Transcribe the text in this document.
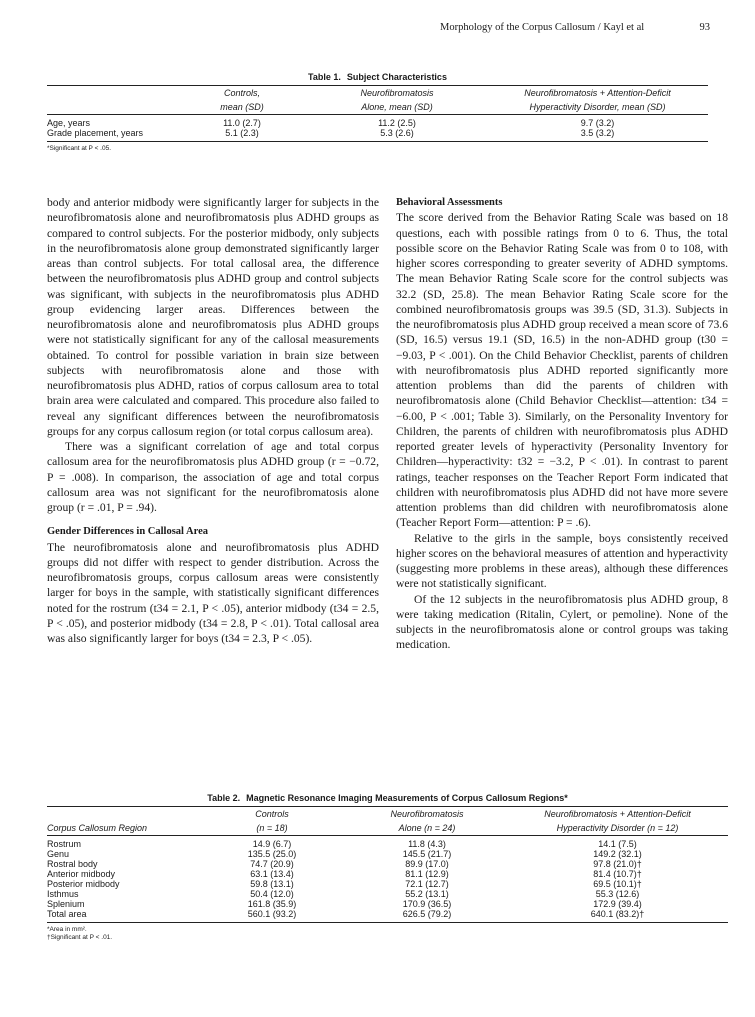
Morphology of the Corpus Callosum / Kayl et al	93
Table 1. Subject Characteristics
	Controls,	Neurofibromatosis	Neurofibromatosis + Attention-Deficit
	mean (SD)	Alone, mean (SD)	Hyperactivity Disorder, mean (SD)
Age, years	11.0 (2.7)	11.2 (2.5)	9.7 (3.2)
Grade placement, years	5.1 (2.3)	5.3 (2.6)	3.5 (3.2)
*Significant at P < .05.

body and anterior midbody were significantly larger for subjects in the neurofibromatosis alone and neurofibromatosis plus ADHD groups as compared to control subjects. For the posterior midbody, only subjects in the neurofibromatosis alone group demonstrated significantly larger areas than control subjects. For total callosal area, the difference between the neurofibromatosis plus ADHD group and control subjects was significant, with subjects in the neurofibromatosis plus ADHD group evidencing larger areas. Differences between the neurofibromatosis alone and neurofibromatosis plus ADHD groups were not statistically significant for any of the callosal measurements obtained. To control for possible variation in brain size between subjects with neurofibromatosis alone and those with neurofibromatosis plus ADHD, ratios of corpus callosum area to total brain area were calculated and compared. This procedure also failed to reveal any significant differences between the neurofibromatosis groups for any corpus callosum region (or total corpus callosum area).

There was a significant correlation of age and total corpus callosum area for the neurofibromatosis plus ADHD group (r = −0.72, P = .008). In comparison, the association of age and total corpus callosum area was not significant for the neurofibromatosis alone group (r = .01, P = .94).

Gender Differences in Callosal Area

The neurofibromatosis alone and neurofibromatosis plus ADHD groups did not differ with respect to gender distribution. Across the neurofibromatosis groups, corpus callosum areas were consistently larger for boys in the sample, with statistically significant differences noted for the rostrum (t34 = 2.1, P < .05), anterior midbody (t34 = 2.5, P < .05), and posterior midbody (t34 = 2.8, P < .01). Total callosal area was also significantly larger for boys (t34 = 2.3, P < .05).

Behavioral Assessments

The score derived from the Behavior Rating Scale was based on 18 questions, each with possible ratings from 0 to 6. Thus, the total possible score on the Behavior Rating Scale was from 0 to 108, with higher scores corresponding to greater severity of ADHD symptoms. The mean Behavior Rating Scale score for the control subjects was 32.2 (SD, 25.8). The mean Behavior Rating Scale score for the combined neurofibromatosis groups was 39.5 (SD, 31.3). Subjects in the neurofibromatosis plus ADHD group received a mean score of 73.6 (SD, 16.5) versus 19.1 (SD, 16.5) in the non-ADHD group (t30 = −9.03, P < .001). On the Child Behavior Checklist, parents of children with neurofibromatosis plus ADHD reported significantly more attention problems than did the parents of children with neurofibromatosis alone (Child Behavior Checklist—attention: t34 = −6.00, P < .001; Table 3). Similarly, on the Personality Inventory for Children, the parents of children with neurofibromatosis plus ADHD reported greater levels of hyperactivity (Personality Inventory for Children—hyperactivity: t32 = −3.2, P < .01). In contrast to parent ratings, teacher responses on the Teacher Report Form indicated that children with neurofibromatosis plus ADHD did not have more severe attention problems than did children with neurofibromatosis alone (Teacher Report Form—attention: P = .6).

Relative to the girls in the sample, boys consistently received higher scores on the behavioral measures of attention and hyperactivity (suggesting more problems in these areas), although these differences were not statistically significant.

Of the 12 subjects in the neurofibromatosis plus ADHD group, 8 were taking medication (Ritalin, Cylert, or pemoline). None of the subjects in the neurofibromatosis alone or control groups was taking medication.

Table 2. Magnetic Resonance Imaging Measurements of Corpus Callosum Regions*
	Controls	Neurofibromatosis	Neurofibromatosis + Attention-Deficit
Corpus Callosum Region	(n = 18)	Alone (n = 24)	Hyperactivity Disorder (n = 12)
Rostrum	14.9 (6.7)	11.8 (4.3)	14.1 (7.5)
Genu	135.5 (25.0)	145.5 (21.7)	149.2 (32.1)
Rostral body	74.7 (20.9)	89.9 (17.0)	97.8 (21.0)†
Anterior midbody	63.1 (13.4)	81.1 (12.9)	81.4 (10.7)†
Posterior midbody	59.8 (13.1)	72.1 (12.7)	69.5 (10.1)†
Isthmus	50.4 (12.0)	55.2 (13.1)	55.3 (12.6)
Splenium	161.8 (35.9)	170.9 (36.5)	172.9 (39.4)
Total area	560.1 (93.2)	626.5 (79.2)	640.1 (83.2)†
*Area in mm².
†Significant at P < .01.
